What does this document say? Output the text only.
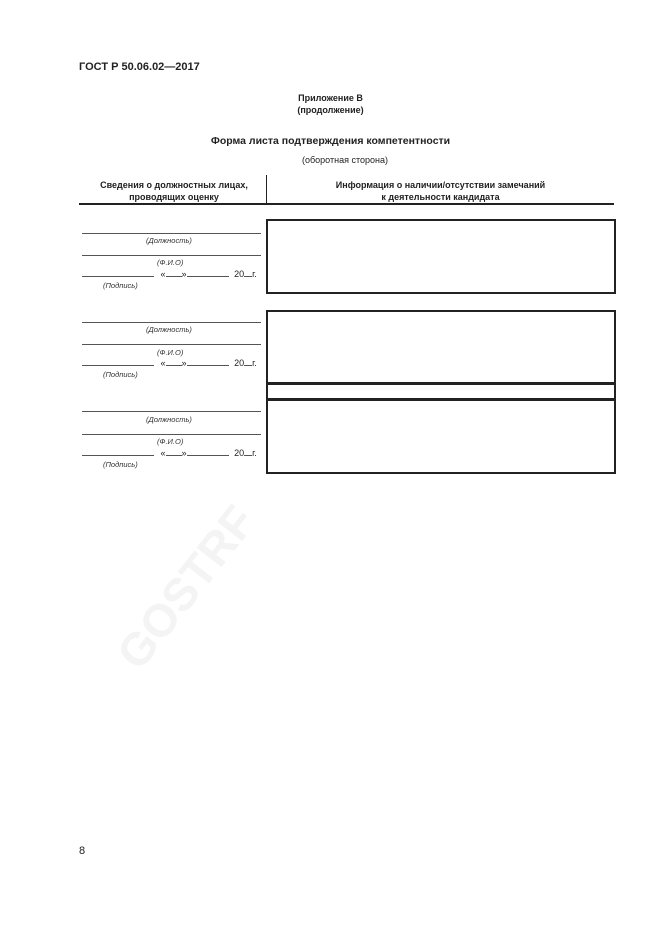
GOSTRF
ГОСТ Р 50.06.02—2017
Приложение В
(продолжение)
Форма листа подтверждения компетентности
(оборотная сторона)
Сведения о должностных лицах,
проводящих оценку
Информация о наличии/отсутствии замечаний
к деятельности кандидата
(Должность)
(Ф.И.О)
« »	20 г.
(Подпись)
(Должность)
(Ф.И.О)
« »	20 г.
(Подпись)
(Должность)
(Ф.И.О)
« »	20 г.
(Подпись)
8
